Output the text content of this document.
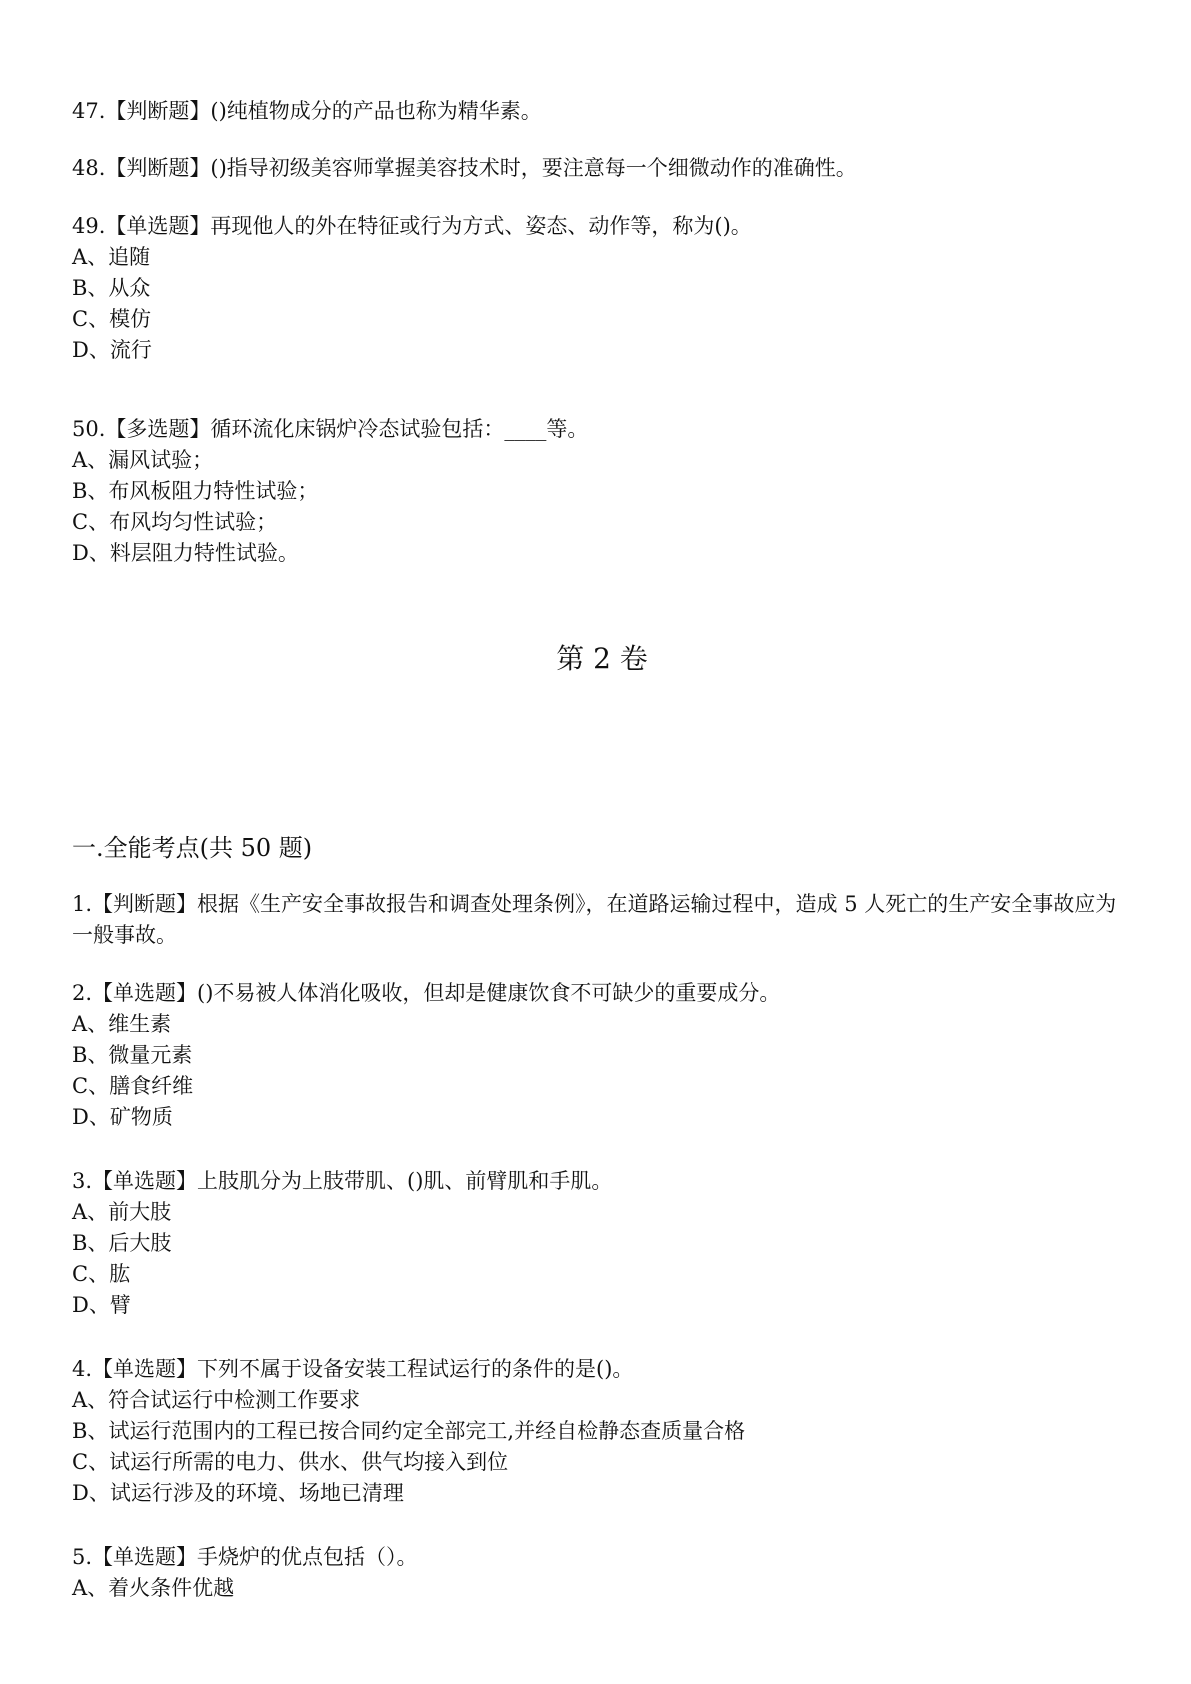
47.【判断题】()纯植物成分的产品也称为精华素。

48.【判断题】()指导初级美容师掌握美容技术时，要注意每一个细微动作的准确性。

49.【单选题】再现他人的外在特征或行为方式、姿态、动作等，称为()。
A、追随
B、从众
C、模仿
D、流行

50.【多选题】循环流化床锅炉冷态试验包括：____等。
A、漏风试验；
B、布风板阻力特性试验；
C、布风均匀性试验；
D、料层阻力特性试验。

第 2 卷
一.全能考点(共 50 题)

1.【判断题】根据《生产安全事故报告和调查处理条例》，在道路运输过程中，造成 5 人死亡的生产安全事故应为一般事故。

2.【单选题】()不易被人体消化吸收，但却是健康饮食不可缺少的重要成分。
A、维生素
B、微量元素
C、膳食纤维
D、矿物质

3.【单选题】上肢肌分为上肢带肌、()肌、前臂肌和手肌。
A、前大肢
B、后大肢
C、肱
D、臂

4.【单选题】下列不属于设备安装工程试运行的条件的是()。
A、符合试运行中检测工作要求
B、试运行范围内的工程已按合同约定全部完工,并经自检静态查质量合格
C、试运行所需的电力、供水、供气均接入到位
D、试运行涉及的环境、场地已清理

5.【单选题】手烧炉的优点包括（）。
A、着火条件优越
